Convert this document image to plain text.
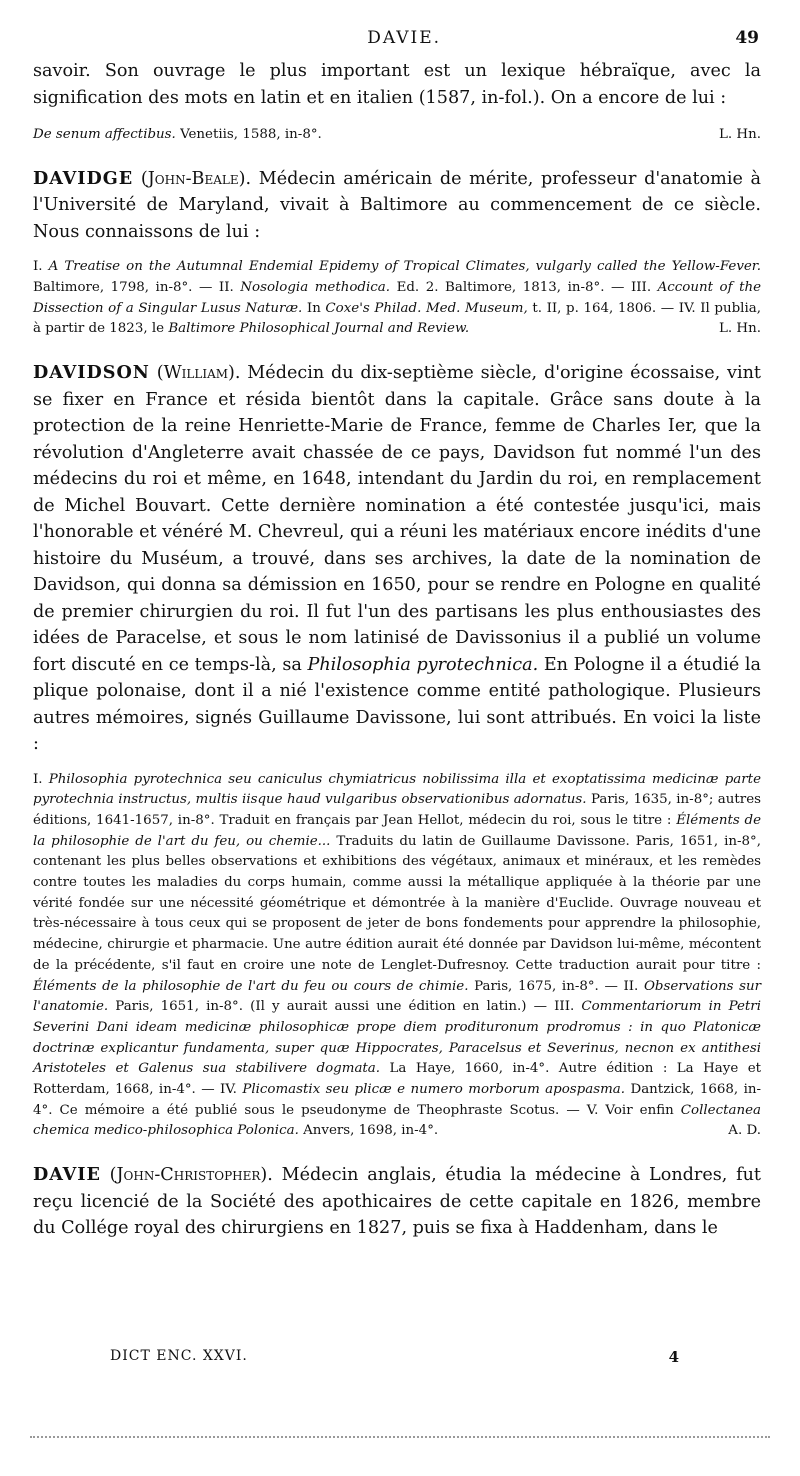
DAVIE.	49

savoir. Son ouvrage le plus important est un lexique hébraïque, avec la signification des mots en latin et en italien (1587, in-fol.). On a encore de lui :

De senum affectibus. Venetiis, 1588, in-8°.	L. Hn.

DAVIDGE (John-Beale). Médecin américain de mérite, professeur d'anatomie à l'Université de Maryland, vivait à Baltimore au commencement de ce siècle. Nous connaissons de lui :

I. A Treatise on the Autumnal Endemial Epidemy of Tropical Climates, vulgarly called the Yellow-Fever. Baltimore, 1798, in-8°. — II. Nosologia methodica. Ed. 2. Baltimore, 1813, in-8°. — III. Account of the Dissection of a Singular Lusus Naturæ. In Coxe's Philad. Med. Museum, t. II, p. 164, 1806. — IV. Il publia, à partir de 1823, le Baltimore Philosophical Journal and Review.	L. Hn.

DAVIDSON (William). Médecin du dix-septième siècle, d'origine écossaise, vint se fixer en France et résida bientôt dans la capitale. Grâce sans doute à la protection de la reine Henriette-Marie de France, femme de Charles Ier, que la révolution d'Angleterre avait chassée de ce pays, Davidson fut nommé l'un des médecins du roi et même, en 1648, intendant du Jardin du roi, en remplacement de Michel Bouvart. Cette dernière nomination a été contestée jusqu'ici, mais l'honorable et vénéré M. Chevreul, qui a réuni les matériaux encore inédits d'une histoire du Muséum, a trouvé, dans ses archives, la date de la nomination de Davidson, qui donna sa démission en 1650, pour se rendre en Pologne en qualité de premier chirurgien du roi. Il fut l'un des partisans les plus enthousiastes des idées de Paracelse, et sous le nom latinisé de Davissonius il a publié un volume fort discuté en ce temps-là, sa Philosophia pyrotechnica. En Pologne il a étudié la plique polonaise, dont il a nié l'existence comme entité pathologique. Plusieurs autres mémoires, signés Guillaume Davissone, lui sont attribués. En voici la liste :

I. Philosophia pyrotechnica seu caniculus chymiatricus nobilissima illa et exoptatissima medicinæ parte pyrotechnia instructus, multis iisque haud vulgaribus observationibus adornatus. Paris, 1635, in-8°; autres éditions, 1641-1657, in-8°. Traduit en français par Jean Hellot, médecin du roi, sous le titre : Éléments de la philosophie de l'art du feu, ou chemie... Traduits du latin de Guillaume Davissone. Paris, 1651, in-8°, contenant les plus belles observations et exhibitions des végétaux, animaux et minéraux, et les remèdes contre toutes les maladies du corps humain, comme aussi la métallique appliquée à la théorie par une vérité fondée sur une nécessité géométrique et démontrée à la manière d'Euclide. Ouvrage nouveau et très-nécessaire à tous ceux qui se proposent de jeter de bons fondements pour apprendre la philosophie, médecine, chirurgie et pharmacie. Une autre édition aurait été donnée par Davidson lui-même, mécontent de la précédente, s'il faut en croire une note de Lenglet-Dufresnoy. Cette traduction aurait pour titre : Éléments de la philosophie de l'art du feu ou cours de chimie. Paris, 1675, in-8°. — II. Observations sur l'anatomie. Paris, 1651, in-8°. (Il y aurait aussi une édition en latin.) — III. Commentariorum in Petri Severini Dani ideam medicinæ philosophicæ prope diem prodituronum prodromus : in quo Platonicæ doctrinæ explicantur fundamenta, super quæ Hippocrates, Paracelsus et Severinus, necnon ex antithesi Aristoteles et Galenus sua stabilivere dogmata. La Haye, 1660, in-4°. Autre édition : La Haye et Rotterdam, 1668, in-4°. — IV. Plicomastix seu plicæ e numero morborum apospasma. Dantzick, 1668, in-4°. Ce mémoire a été publié sous le pseudonyme de Theophraste Scotus. — V. Voir enfin Collectanea chemica medico-philosophica Polonica. Anvers, 1698, in-4°.	A. D.

DAVIE (John-Christopher). Médecin anglais, étudia la médecine à Londres, fut reçu licencié de la Société des apothicaires de cette capitale en 1826, membre du Collége royal des chirurgiens en 1827, puis se fixa à Haddenham, dans le

DICT ENC. XXVI.	4
